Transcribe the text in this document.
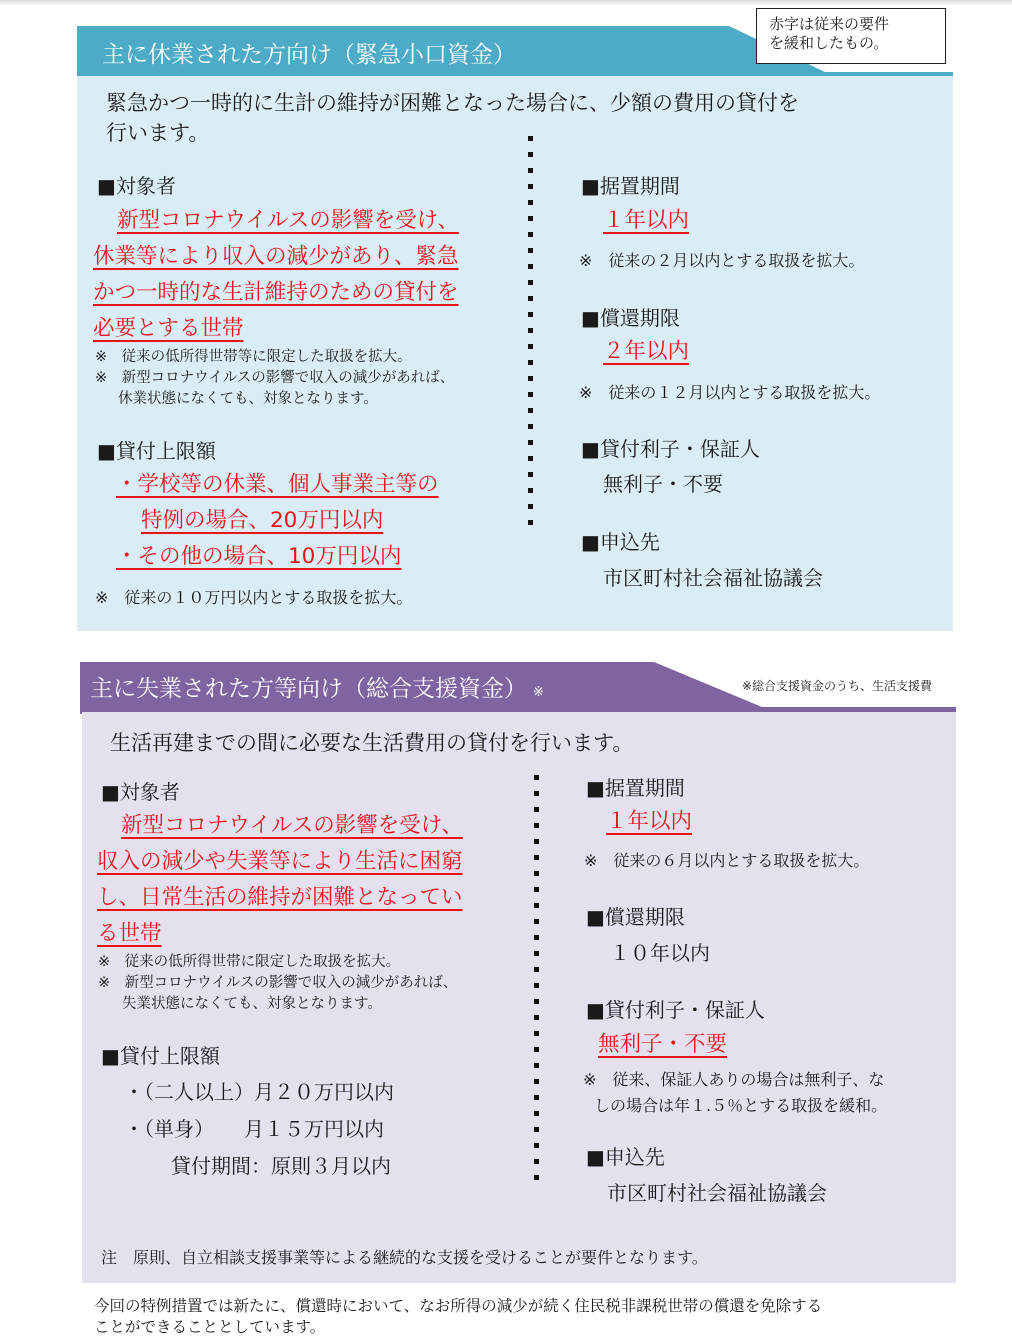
主に休業された方向け（緊急小口資金）
赤字は従来の要件
を緩和したもの。
緊急かつ一時的に生計の維持が困難となった場合に、少額の費用の貸付を
行います。
■対象者
新型コロナウイルスの影響を受け、
休業等により収入の減少があり、緊急
かつ一時的な生計維持のための貸付を
必要とする世帯
※　従来の低所得世帯等に限定した取扱を拡大。
※　新型コロナウイルスの影響で収入の減少があれば、
休業状態になくても、対象となります。
■貸付上限額
・学校等の休業、個人事業主等の
特例の場合、20万円以内
・その他の場合、10万円以内
※　従来の１０万円以内とする取扱を拡大。
■据置期間
１年以内
※　従来の２月以内とする取扱を拡大。
■償還期限
２年以内
※　従来の１２月以内とする取扱を拡大。
■貸付利子・保証人
無利子・不要
■申込先
市区町村社会福祉協議会
主に失業された方等向け（総合支援資金） ※	※総合支援資金のうち、生活支援費
生活再建までの間に必要な生活費用の貸付を行います。
■対象者
新型コロナウイルスの影響を受け、
収入の減少や失業等により生活に困窮
し、日常生活の維持が困難となってい
る世帯
※　従来の低所得世帯に限定した取扱を拡大。
※　新型コロナウイルスの影響で収入の減少があれば、
失業状態になくても、対象となります。
■貸付上限額
・（二人以上）月２０万円以内
・（単身）　　月１５万円以内
貸付期間：原則３月以内
■据置期間
１年以内
※　従来の６月以内とする取扱を拡大。
■償還期限
１０年以内
■貸付利子・保証人
無利子・不要
※　従来、保証人ありの場合は無利子、な
しの場合は年１.５％とする取扱を緩和。
■申込先
市区町村社会福祉協議会
注　原則、自立相談支援事業等による継続的な支援を受けることが要件となります。
今回の特例措置では新たに、償還時において、なお所得の減少が続く住民税非課税世帯の償還を免除する
ことができることとしています。
